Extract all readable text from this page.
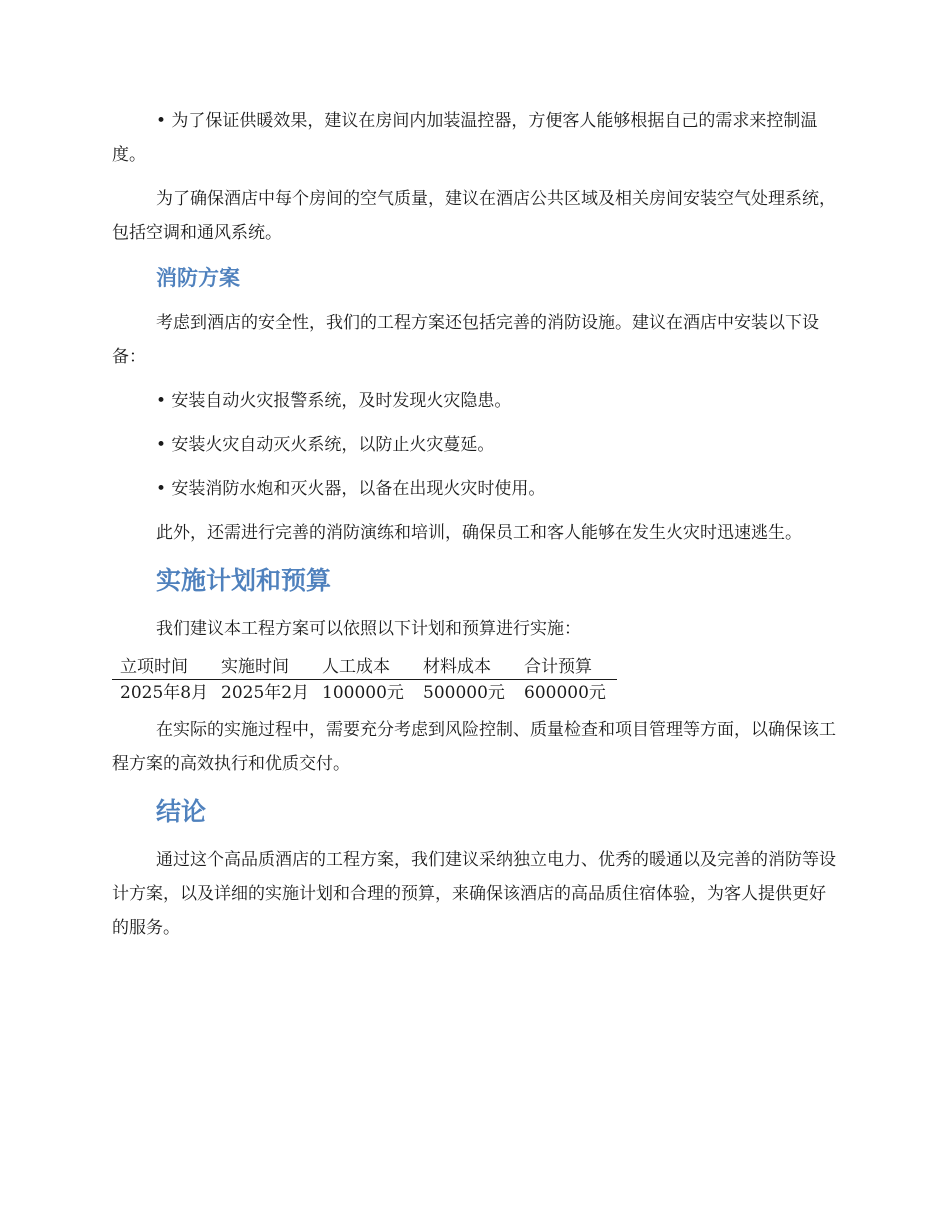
• 为了保证供暖效果，建议在房间内加装温控器，方便客人能够根据自己的需求来控制温度。

为了确保酒店中每个房间的空气质量，建议在酒店公共区域及相关房间安装空气处理系统，包括空调和通风系统。

消防方案

考虑到酒店的安全性，我们的工程方案还包括完善的消防设施。建议在酒店中安装以下设备：

• 安装自动火灾报警系统，及时发现火灾隐患。

• 安装火灾自动灭火系统，以防止火灾蔓延。

• 安装消防水炮和灭火器，以备在出现火灾时使用。

此外，还需进行完善的消防演练和培训，确保员工和客人能够在发生火灾时迅速逃生。

实施计划和预算

我们建议本工程方案可以依照以下计划和预算进行实施：

立项时间	实施时间	人工成本	材料成本	合计预算
2025年8月	2025年2月	100000元	500000元	600000元

在实际的实施过程中，需要充分考虑到风险控制、质量检查和项目管理等方面，以确保该工程方案的高效执行和优质交付。

结论

通过这个高品质酒店的工程方案，我们建议采纳独立电力、优秀的暖通以及完善的消防等设计方案，以及详细的实施计划和合理的预算，来确保该酒店的高品质住宿体验，为客人提供更好的服务。
